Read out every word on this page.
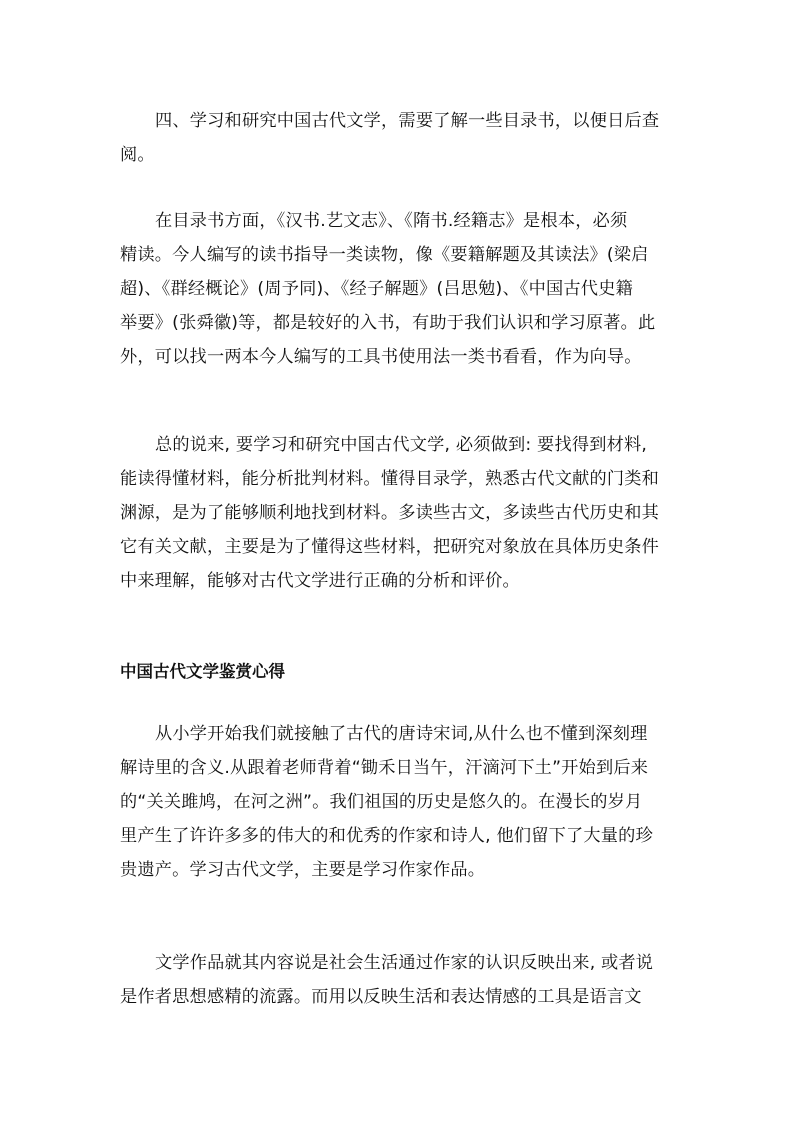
四、学习和研究中国古代文学，需要了解一些目录书，以便日后查
阅。
在目录书方面，《汉书.艺文志》、《隋书.经籍志》是根本，必须
精读。今人编写的读书指导一类读物，像《要籍解题及其读法》(梁启
超)、《群经概论》(周予同)、《经子解题》(吕思勉)、《中国古代史籍
举要》(张舜徽)等，都是较好的入书，有助于我们认识和学习原著。此
外，可以找一两本今人编写的工具书使用法一类书看看，作为向导。
总的说来, 要学习和研究中国古代文学, 必须做到: 要找得到材料,
能读得懂材料，能分析批判材料。懂得目录学，熟悉古代文献的门类和
渊源，是为了能够顺利地找到材料。多读些古文，多读些古代历史和其
它有关文献，主要是为了懂得这些材料，把研究对象放在具体历史条件
中来理解，能够对古代文学进行正确的分析和评价。
中国古代文学鉴赏心得
从小学开始我们就接触了古代的唐诗宋词,从什么也不懂到深刻理
解诗里的含义.从跟着老师背着“锄禾日当午，汗滴河下土”开始到后来
的“关关雎鸠，在河之洲”。我们祖国的历史是悠久的。在漫长的岁月
里产生了许许多多的伟大的和优秀的作家和诗人, 他们留下了大量的珍
贵遗产。学习古代文学，主要是学习作家作品。
文学作品就其内容说是社会生活通过作家的认识反映出来, 或者说
是作者思想感精的流露。而用以反映生活和表达情感的工具是语言文
